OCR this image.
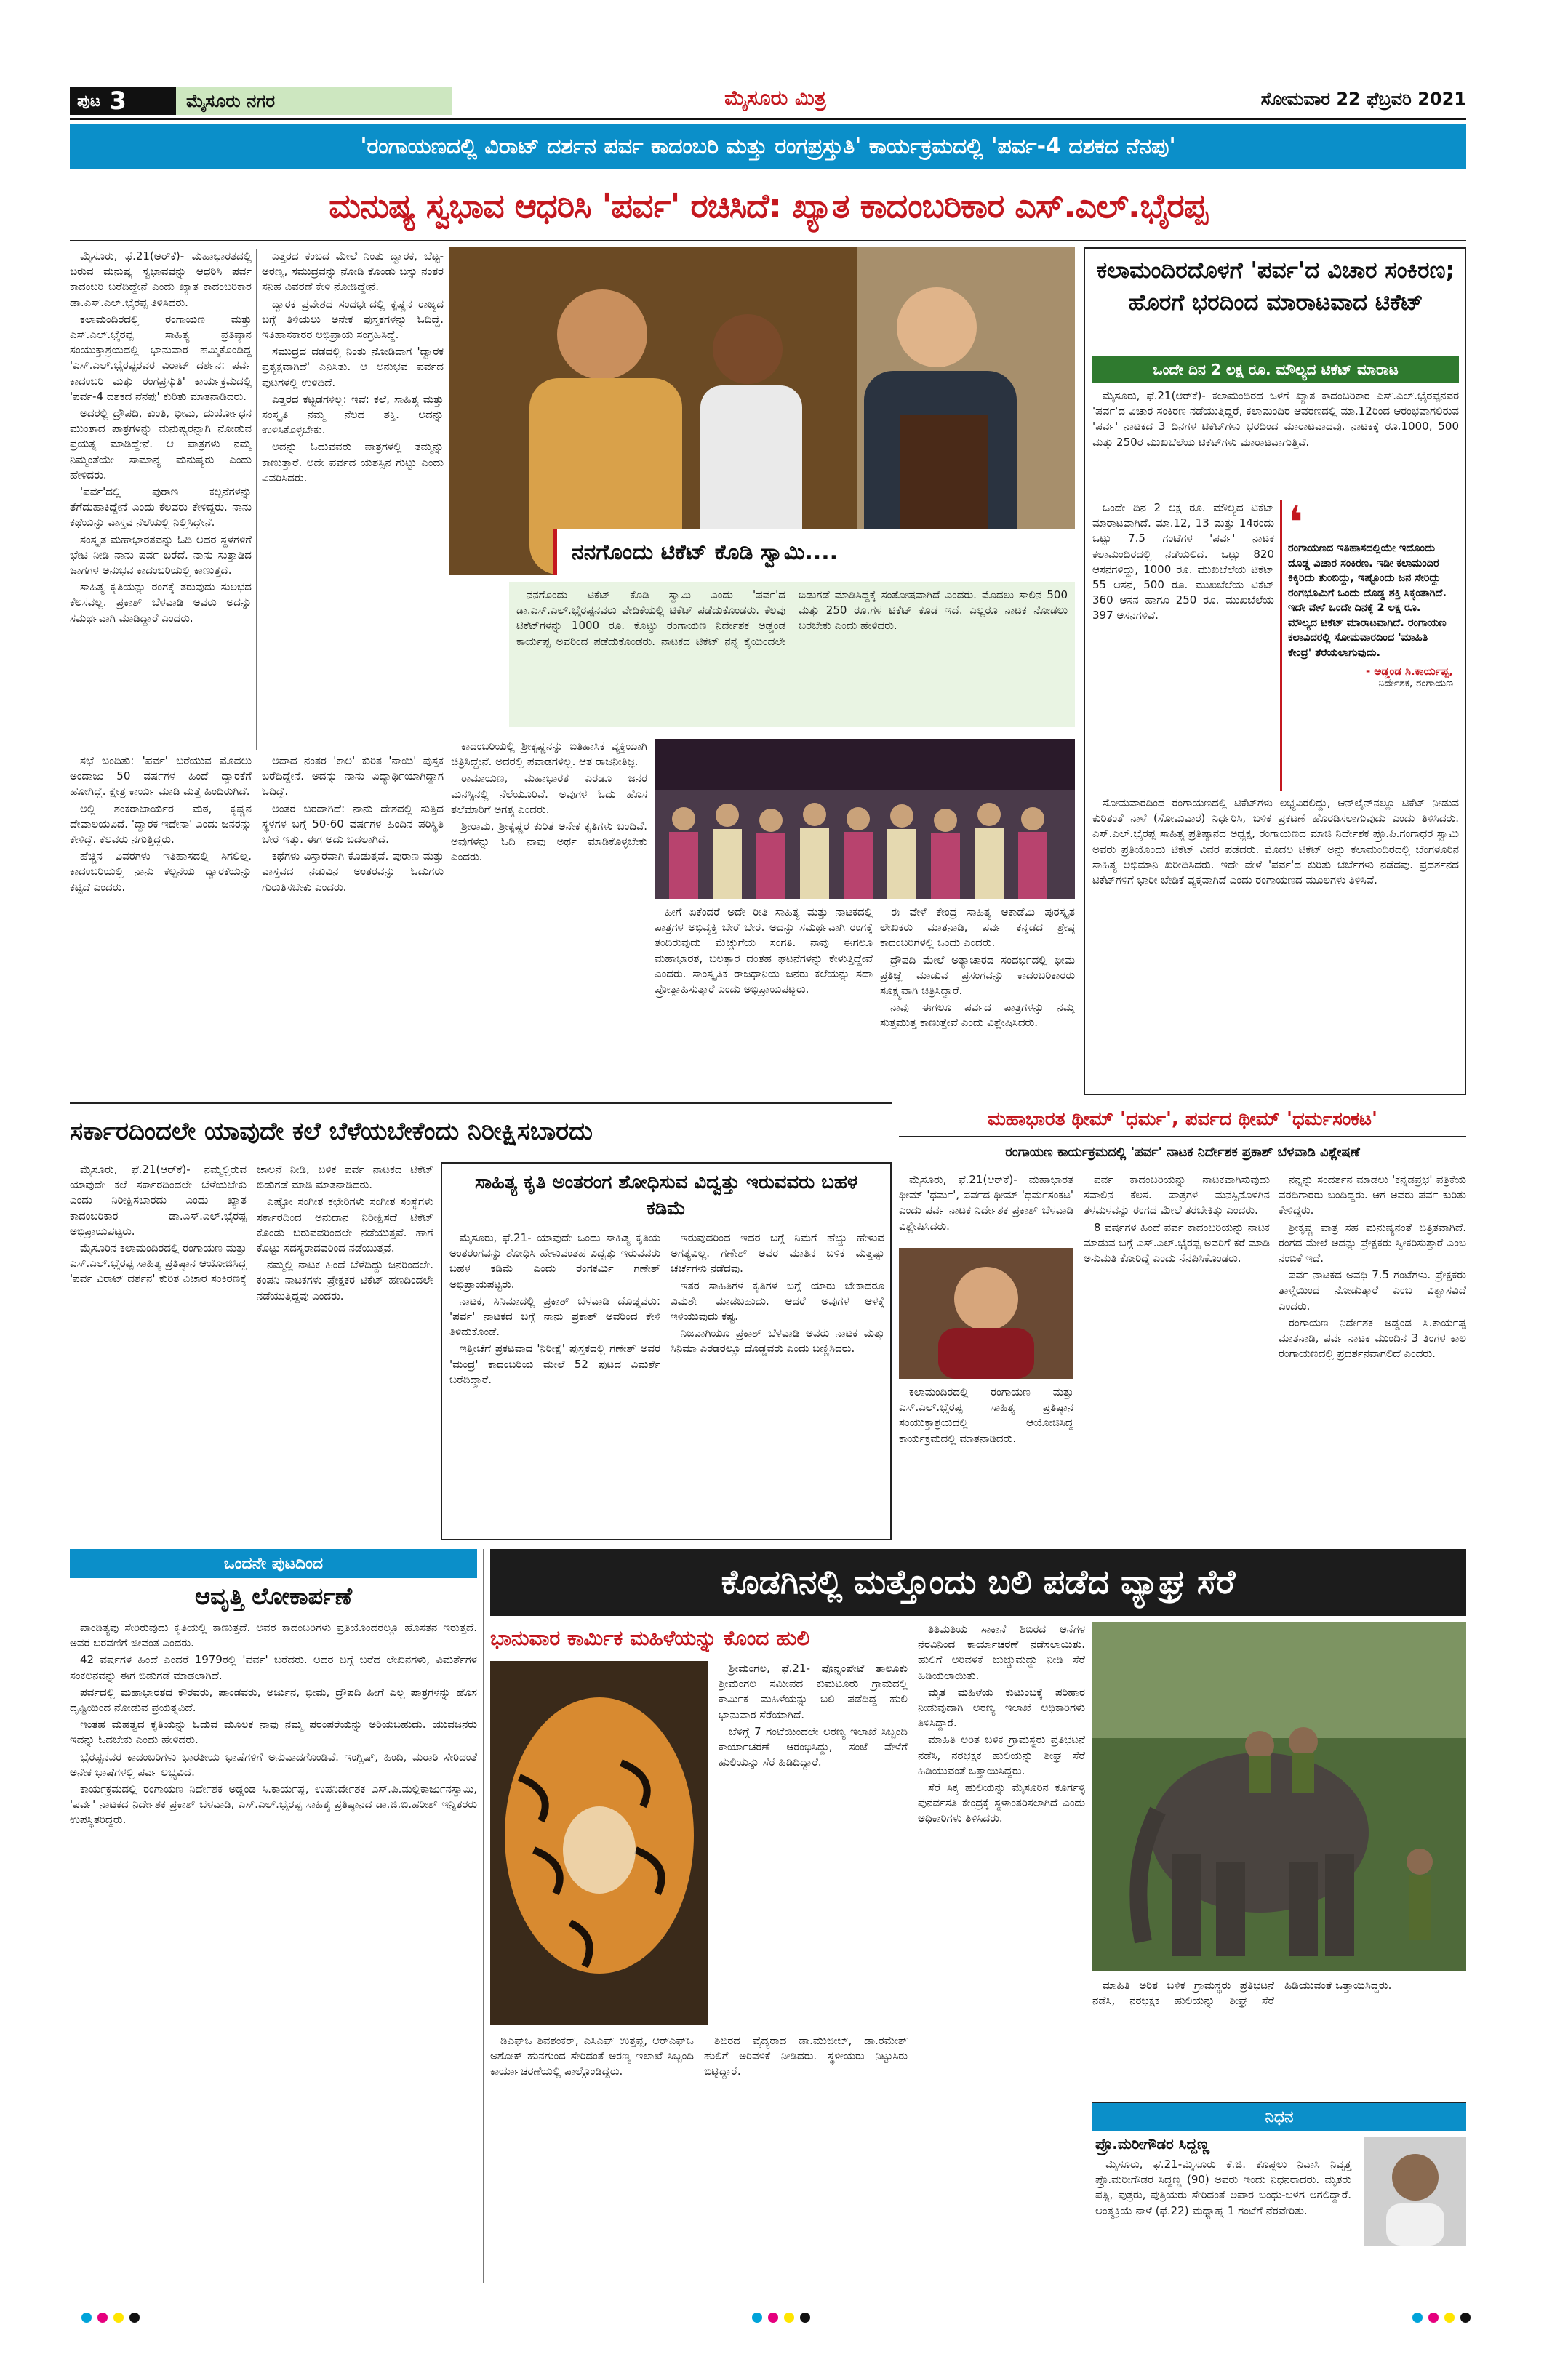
ಪುಟ 3	ಮೈಸೂರು ನಗರ	ಮೈಸೂರು ಮಿತ್ರ	ಸೋಮವಾರ 22 ಫೆಬ್ರವರಿ 2021
'ರಂಗಾಯಣದಲ್ಲಿ ವಿರಾಟ್ ದರ್ಶನ ಪರ್ವ ಕಾದಂಬರಿ ಮತ್ತು ರಂಗಪ್ರಸ್ತುತಿ' ಕಾರ್ಯಕ್ರಮದಲ್ಲಿ 'ಪರ್ವ-4 ದಶಕದ ನೆನಪು'
ಮನುಷ್ಯ ಸ್ವಭಾವ ಆಧರಿಸಿ 'ಪರ್ವ' ರಚಿಸಿದೆ: ಖ್ಯಾತ ಕಾದಂಬರಿಕಾರ ಎಸ್.ಎಲ್.ಭೈರಪ್ಪ

ಮೈಸೂರು, ಫೆ.21(ಆರ್‌ಕೆ)- ಮಹಾಭಾರತದಲ್ಲಿ ಬರುವ ಮನುಷ್ಯ ಸ್ವಭಾವವನ್ನು ಆಧರಿಸಿ ಪರ್ವ ಕಾದಂಬರಿ ಬರೆದಿದ್ದೇನೆ ಎಂದು ಖ್ಯಾತ ಕಾದಂಬರಿಕಾರ ಡಾ.ಎಸ್.ಎಲ್.ಭೈರಪ್ಪ ತಿಳಿಸಿದರು.

ಕಲಾಮಂದಿರದಲ್ಲಿ ರಂಗಾಯಣ ಮತ್ತು ಎಸ್.ಎಲ್.ಭೈರಪ್ಪ ಸಾಹಿತ್ಯ ಪ್ರತಿಷ್ಠಾನ ಸಂಯುಕ್ತಾಶ್ರಯದಲ್ಲಿ ಭಾನುವಾರ ಹಮ್ಮಿಕೊಂಡಿದ್ದ 'ಎಸ್.ಎಲ್.ಭೈರಪ್ಪರವರ ವಿರಾಟ್ ದರ್ಶನ: ಪರ್ವ ಕಾದಂಬರಿ ಮತ್ತು ರಂಗಪ್ರಸ್ತುತಿ' ಕಾರ್ಯಕ್ರಮದಲ್ಲಿ 'ಪರ್ವ-4 ದಶಕದ ನೆನಪು' ಕುರಿತು ಮಾತನಾಡಿದರು.

ಅದರಲ್ಲಿ ದ್ರೌಪದಿ, ಕುಂತಿ, ಭೀಮ, ದುರ್ಯೋಧನ ಮುಂತಾದ ಪಾತ್ರಗಳನ್ನು ಮನುಷ್ಯರನ್ನಾಗಿ ನೋಡುವ ಪ್ರಯತ್ನ ಮಾಡಿದ್ದೇನೆ. ಆ ಪಾತ್ರಗಳು ನಮ್ಮ ನಿಮ್ಮಂತೆಯೇ ಸಾಮಾನ್ಯ ಮನುಷ್ಯರು ಎಂದು ಹೇಳಿದರು.

'ಪರ್ವ'ದಲ್ಲಿ ಪುರಾಣ ಕಲ್ಪನೆಗಳನ್ನು ತೆಗೆದುಹಾಕಿದ್ದೇನೆ ಎಂದು ಕೆಲವರು ಕೇಳಿದ್ದರು. ನಾನು ಕಥೆಯನ್ನು ವಾಸ್ತವ ನೆಲೆಯಲ್ಲಿ ನಿಲ್ಲಿಸಿದ್ದೇನೆ.

ಸಂಸ್ಕೃತ ಮಹಾಭಾರತವನ್ನು ಓದಿ ಅದರ ಸ್ಥಳಗಳಿಗೆ ಭೇಟಿ ನೀಡಿ ನಾನು ಪರ್ವ ಬರೆದೆ. ನಾನು ಸುತ್ತಾಡಿದ ಜಾಗಗಳ ಅನುಭವ ಕಾದಂಬರಿಯಲ್ಲಿ ಕಾಣುತ್ತದೆ.

ಸಾಹಿತ್ಯ ಕೃತಿಯನ್ನು ರಂಗಕ್ಕೆ ತರುವುದು ಸುಲಭದ ಕೆಲಸವಲ್ಲ. ಪ್ರಕಾಶ್ ಬೆಳವಾಡಿ ಅವರು ಅದನ್ನು ಸಮರ್ಥವಾಗಿ ಮಾಡಿದ್ದಾರೆ ಎಂದರು.

ಎತ್ತರದ ಕಂಬದ ಮೇಲೆ ನಿಂತು ದ್ವಾರಕ, ಬೆಟ್ಟ-ಅರಣ್ಯ, ಸಮುದ್ರವನ್ನು ನೋಡಿ ಕೊಂಡು ಬಸ್ಸು ನಂತರ ಸನಿಹ ವಿವರಣೆ ಕೇಳಿ ನೋಡಿದ್ದೇನೆ.

ದ್ವಾರಕ ಪ್ರವೇಶದ ಸಂದರ್ಭದಲ್ಲಿ ಕೃಷ್ಣನ ರಾಜ್ಯದ ಬಗ್ಗೆ ತಿಳಿಯಲು ಅನೇಕ ಪುಸ್ತಕಗಳನ್ನು ಓದಿದ್ದೆ. ಇತಿಹಾಸಕಾರರ ಅಭಿಪ್ರಾಯ ಸಂಗ್ರಹಿಸಿದ್ದೆ.

ಸಮುದ್ರದ ದಡದಲ್ಲಿ ನಿಂತು ನೋಡಿದಾಗ 'ದ್ವಾರಕ ಪ್ರತ್ಯಕ್ಷವಾಗಿದೆ' ಎನಿಸಿತು. ಆ ಅನುಭವ ಪರ್ವದ ಪುಟಗಳಲ್ಲಿ ಉಳಿದಿದೆ.

ಎತ್ತರದ ಕಟ್ಟಡಗಳಿಲ್ಲ: ಇವೆ: ಕಲೆ, ಸಾಹಿತ್ಯ ಮತ್ತು ಸಂಸ್ಕೃತಿ ನಮ್ಮ ನೆಲದ ಶಕ್ತಿ. ಅದನ್ನು ಉಳಿಸಿಕೊಳ್ಳಬೇಕು.

ಅದನ್ನು ಓದುವವರು ಪಾತ್ರಗಳಲ್ಲಿ ತಮ್ಮನ್ನು ಕಾಣುತ್ತಾರೆ. ಅದೇ ಪರ್ವದ ಯಶಸ್ಸಿನ ಗುಟ್ಟು ಎಂದು ವಿವರಿಸಿದರು.

ನನಗೊಂದು ಟಿಕೆಟ್ ಕೊಡಿ ಸ್ವಾಮಿ....

ನನಗೊಂದು ಟಿಕೆಟ್ ಕೊಡಿ ಸ್ವಾಮಿ ಎಂದು 'ಪರ್ವ'ದ ಡಾ.ಎಸ್.ಎಲ್.ಭೈರಪ್ಪನವರು ವೇದಿಕೆಯಲ್ಲಿ ಟಿಕೆಟ್ ಪಡೆದುಕೊಂಡರು. ಕೆಲವು ಟಿಕೆಟ್‌ಗಳನ್ನು 1000 ರೂ. ಕೊಟ್ಟು ರಂಗಾಯಣ ನಿರ್ದೇಶಕ ಅಡ್ಡಂಡ ಕಾರ್ಯಪ್ಪ ಅವರಿಂದ ಪಡೆದುಕೊಂಡರು. ನಾಟಕದ ಟಿಕೆಟ್ ನನ್ನ ಕೈಯಿಂದಲೇ ಬಿಡುಗಡೆ ಮಾಡಿಸಿದ್ದಕ್ಕೆ ಸಂತೋಷವಾಗಿದೆ ಎಂದರು. ಮೊದಲು ಸಾಲಿನ 500 ಮತ್ತು 250 ರೂ.ಗಳ ಟಿಕೆಟ್ ಕೂಡ ಇದೆ. ಎಲ್ಲರೂ ನಾಟಕ ನೋಡಲು ಬರಬೇಕು ಎಂದು ಹೇಳಿದರು.

ಸಭೆ ಬಂದಿತು: 'ಪರ್ವ' ಬರೆಯುವ ಮೊದಲು ಅಂದಾಜು 50 ವರ್ಷಗಳ ಹಿಂದೆ ದ್ವಾರಕೆಗೆ ಹೋಗಿದ್ದೆ. ಕ್ಷೇತ್ರ ಕಾರ್ಯ ಮಾಡಿ ಮತ್ತೆ ಹಿಂದಿರುಗಿದೆ.

ಅಲ್ಲಿ ಶಂಕರಾಚಾರ್ಯರ ಮಠ, ಕೃಷ್ಣನ ದೇವಾಲಯವಿದೆ. 'ದ್ವಾರಕ ಇದೇನಾ' ಎಂದು ಜನರನ್ನು ಕೇಳಿದ್ದೆ. ಕೆಲವರು ನಗುತ್ತಿದ್ದರು.

ಹೆಚ್ಚಿನ ವಿವರಗಳು ಇತಿಹಾಸದಲ್ಲಿ ಸಿಗಲಿಲ್ಲ. ಕಾದಂಬರಿಯಲ್ಲಿ ನಾನು ಕಲ್ಪನೆಯ ದ್ವಾರಕೆಯನ್ನು ಕಟ್ಟಿದೆ ಎಂದರು.

ಅದಾದ ನಂತರ 'ಕಾಲ' ಕುರಿತ 'ನಾಯಿ' ಪುಸ್ತಕ ಬರೆದಿದ್ದೇನೆ. ಅದನ್ನು ನಾನು ವಿದ್ಯಾರ್ಥಿಯಾಗಿದ್ದಾಗ ಓದಿದ್ದೆ.

ಅಂತರ ಬರದಾಗಿದೆ: ನಾನು ದೇಶದಲ್ಲಿ ಸುತ್ತಿದ ಸ್ಥಳಗಳ ಬಗ್ಗೆ 50-60 ವರ್ಷಗಳ ಹಿಂದಿನ ಪರಿಸ್ಥಿತಿ ಬೇರೆ ಇತ್ತು. ಈಗ ಅದು ಬದಲಾಗಿದೆ.

ಕಥೆಗಳು ವಿಸ್ತಾರವಾಗಿ ಕೊಡುತ್ತವೆ. ಪುರಾಣ ಮತ್ತು ವಾಸ್ತವದ ನಡುವಿನ ಅಂತರವನ್ನು ಓದುಗರು ಗುರುತಿಸಬೇಕು ಎಂದರು.

ಕಾದಂಬರಿಯಲ್ಲಿ ಶ್ರೀಕೃಷ್ಣನನ್ನು ಐತಿಹಾಸಿಕ ವ್ಯಕ್ತಿಯಾಗಿ ಚಿತ್ರಿಸಿದ್ದೇನೆ. ಅದರಲ್ಲಿ ಪವಾಡಗಳಿಲ್ಲ. ಆತ ರಾಜನೀತಿಜ್ಞ.

ರಾಮಾಯಣ, ಮಹಾಭಾರತ ಎರಡೂ ಜನರ ಮನಸ್ಸಿನಲ್ಲಿ ನೆಲೆಯೂರಿವೆ. ಅವುಗಳ ಓದು ಹೊಸ ತಲೆಮಾರಿಗೆ ಅಗತ್ಯ ಎಂದರು.

ಶ್ರೀರಾಮ, ಶ್ರೀಕೃಷ್ಣರ ಕುರಿತ ಅನೇಕ ಕೃತಿಗಳು ಬಂದಿವೆ. ಅವುಗಳನ್ನು ಓದಿ ನಾವು ಅರ್ಥ ಮಾಡಿಕೊಳ್ಳಬೇಕು ಎಂದರು.

ಈ ವೇಳೆ ಕೇಂದ್ರ ಸಾಹಿತ್ಯ ಅಕಾಡೆಮಿ ಪುರಸ್ಕೃತ ಲೇಖಕರು ಮಾತನಾಡಿ, ಪರ್ವ ಕನ್ನಡದ ಶ್ರೇಷ್ಠ ಕಾದಂಬರಿಗಳಲ್ಲಿ ಒಂದು ಎಂದರು.

ದ್ರೌಪದಿ ಮೇಲೆ ಅತ್ಯಾಚಾರದ ಸಂದರ್ಭದಲ್ಲಿ ಭೀಮ ಪ್ರತಿಜ್ಞೆ ಮಾಡುವ ಪ್ರಸಂಗವನ್ನು ಕಾದಂಬರಿಕಾರರು ಸೂಕ್ಷ್ಮವಾಗಿ ಚಿತ್ರಿಸಿದ್ದಾರೆ.

ನಾವು ಈಗಲೂ ಪರ್ವದ ಪಾತ್ರಗಳನ್ನು ನಮ್ಮ ಸುತ್ತಮುತ್ತ ಕಾಣುತ್ತೇವೆ ಎಂದು ವಿಶ್ಲೇಷಿಸಿದರು.

ಹೀಗೆ ಏಕೆಂದರೆ ಅದೇ ರೀತಿ ಸಾಹಿತ್ಯ ಮತ್ತು ನಾಟಕದಲ್ಲಿ ಪಾತ್ರಗಳ ಅಭಿವ್ಯಕ್ತಿ ಬೇರೆ ಬೇರೆ. ಅದನ್ನು ಸಮರ್ಥವಾಗಿ ರಂಗಕ್ಕೆ ತಂದಿರುವುದು ಮೆಚ್ಚುಗೆಯ ಸಂಗತಿ. ನಾವು ಈಗಲೂ ಮಹಾಭಾರತ, ಬಲತ್ಕಾರ ದಂತಹ ಘಟನೆಗಳನ್ನು ಕೇಳುತ್ತಿದ್ದೇವೆ ಎಂದರು. ಸಾಂಸ್ಕೃತಿಕ ರಾಜಧಾನಿಯ ಜನರು ಕಲೆಯನ್ನು ಸದಾ ಪ್ರೋತ್ಸಾಹಿಸುತ್ತಾರೆ ಎಂದು ಅಭಿಪ್ರಾಯಪಟ್ಟರು.

ಕಲಾಮಂದಿರದೊಳಗೆ 'ಪರ್ವ'ದ ವಿಚಾರ ಸಂಕಿರಣ; ಹೊರಗೆ ಭರದಿಂದ ಮಾರಾಟವಾದ ಟಿಕೆಟ್
ಒಂದೇ ದಿನ 2 ಲಕ್ಷ ರೂ. ಮೌಲ್ಯದ ಟಿಕೆಟ್ ಮಾರಾಟ

ಮೈಸೂರು, ಫೆ.21(ಆರ್‌ಕೆ)- ಕಲಾಮಂದಿರದ ಒಳಗೆ ಖ್ಯಾತ ಕಾದಂಬರಿಕಾರ ಎಸ್.ಎಲ್.ಭೈರಪ್ಪನವರ 'ಪರ್ವ'ದ ವಿಚಾರ ಸಂಕಿರಣ ನಡೆಯುತ್ತಿದ್ದರೆ, ಕಲಾಮಂದಿರ ಆವರಣದಲ್ಲಿ ಮಾ.12ರಿಂದ ಆರಂಭವಾಗಲಿರುವ 'ಪರ್ವ' ನಾಟಕದ 3 ದಿನಗಳ ಟಿಕೆಟ್‌ಗಳು ಭರದಿಂದ ಮಾರಾಟವಾದವು. ನಾಟಕಕ್ಕೆ ರೂ.1000, 500 ಮತ್ತು 250ರ ಮುಖಬೆಲೆಯ ಟಿಕೆಟ್‌ಗಳು ಮಾರಾಟವಾಗುತ್ತಿವೆ.

ಒಂದೇ ದಿನ 2 ಲಕ್ಷ ರೂ. ಮೌಲ್ಯದ ಟಿಕೆಟ್ ಮಾರಾಟವಾಗಿದೆ. ಮಾ.12, 13 ಮತ್ತು 14ರಂದು ಒಟ್ಟು 7.5 ಗಂಟೆಗಳ 'ಪರ್ವ' ನಾಟಕ ಕಲಾಮಂದಿರದಲ್ಲಿ ನಡೆಯಲಿದೆ. ಒಟ್ಟು 820 ಆಸನಗಳಿದ್ದು, 1000 ರೂ. ಮುಖಬೆಲೆಯ ಟಿಕೆಟ್ 55 ಆಸನ, 500 ರೂ. ಮುಖಬೆಲೆಯ ಟಿಕೆಟ್ 360 ಆಸನ ಹಾಗೂ 250 ರೂ. ಮುಖಬೆಲೆಯ 397 ಆಸನಗಳಿವೆ.

❛
ರಂಗಾಯಣದ ಇತಿಹಾಸದಲ್ಲಿಯೇ ಇದೊಂದು ದೊಡ್ಡ ವಿಚಾರ ಸಂಕಿರಣ. ಇಡೀ ಕಲಾಮಂದಿರ ಕಿಕ್ಕಿರಿದು ತುಂಬಿದ್ದು, ಇಷ್ಟೊಂದು ಜನ ಸೇರಿದ್ದು ರಂಗಭೂಮಿಗೆ ಒಂದು ದೊಡ್ಡ ಶಕ್ತಿ ಸಿಕ್ಕಂತಾಗಿದೆ. ಇದೇ ವೇಳೆ ಒಂದೇ ದಿನಕ್ಕೆ 2 ಲಕ್ಷ ರೂ. ಮೌಲ್ಯದ ಟಿಕೆಟ್ ಮಾರಾಟವಾಗಿದೆ. ರಂಗಾಯಣ ಕಲಾವಿದರಲ್ಲಿ ಸೋಮವಾರದಿಂದ 'ಮಾಹಿತಿ ಕೇಂದ್ರ' ತೆರೆಯಲಾಗುವುದು.
- ಅಡ್ಡಂಡ ಸಿ.ಕಾರ್ಯಪ್ಪ,
ನಿರ್ದೇಶಕ, ರಂಗಾಯಣ

ಸೋಮವಾರದಿಂದ ರಂಗಾಯಣದಲ್ಲಿ ಟಿಕೆಟ್‌ಗಳು ಲಭ್ಯವಿರಲಿದ್ದು, ಆನ್‌ಲೈನ್‌ನಲ್ಲೂ ಟಿಕೆಟ್ ನೀಡುವ ಕುರಿತಂತೆ ನಾಳೆ (ಸೋಮವಾರ) ನಿರ್ಧರಿಸಿ, ಬಳಿಕ ಪ್ರಕಟಣೆ ಹೊರಡಿಸಲಾಗುವುದು ಎಂದು ತಿಳಿಸಿದರು. ಎಸ್.ಎಲ್.ಭೈರಪ್ಪ ಸಾಹಿತ್ಯ ಪ್ರತಿಷ್ಠಾನದ ಅಧ್ಯಕ್ಷ, ರಂಗಾಯಣದ ಮಾಜಿ ನಿರ್ದೇಶಕ ಪ್ರೊ.ಪಿ.ಗಂಗಾಧರ ಸ್ವಾಮಿ ಅವರು ಪ್ರತಿಯೊಂದು ಟಿಕೆಟ್ ವಿವರ ಪಡೆದರು. ಮೊದಲ ಟಿಕೆಟ್ ಅನ್ನು ಕಲಾಮಂದಿರದಲ್ಲಿ ಬೆಂಗಳೂರಿನ ಸಾಹಿತ್ಯ ಅಭಿಮಾನಿ ಖರೀದಿಸಿದರು. ಇದೇ ವೇಳೆ 'ಪರ್ವ'ದ ಕುರಿತು ಚರ್ಚೆಗಳು ನಡೆದವು. ಪ್ರದರ್ಶನದ ಟಿಕೆಟ್‌ಗಳಿಗೆ ಭಾರೀ ಬೇಡಿಕೆ ವ್ಯಕ್ತವಾಗಿದೆ ಎಂದು ರಂಗಾಯಣದ ಮೂಲಗಳು ತಿಳಿಸಿವೆ.

ಸರ್ಕಾರದಿಂದಲೇ ಯಾವುದೇ ಕಲೆ ಬೆಳೆಯಬೇಕೆಂದು ನಿರೀಕ್ಷಿಸಬಾರದು

ಮೈಸೂರು, ಫೆ.21(ಆರ್‌ಕೆ)- ನಮ್ಮಲ್ಲಿರುವ ಯಾವುದೇ ಕಲೆ ಸರ್ಕಾರದಿಂದಲೇ ಬೆಳೆಯಬೇಕು ಎಂದು ನಿರೀಕ್ಷಿಸಬಾರದು ಎಂದು ಖ್ಯಾತ ಕಾದಂಬರಿಕಾರ ಡಾ.ಎಸ್.ಎಲ್.ಭೈರಪ್ಪ ಅಭಿಪ್ರಾಯಪಟ್ಟರು.

ಮೈಸೂರಿನ ಕಲಾಮಂದಿರದಲ್ಲಿ ರಂಗಾಯಣ ಮತ್ತು ಎಸ್.ಎಲ್.ಭೈರಪ್ಪ ಸಾಹಿತ್ಯ ಪ್ರತಿಷ್ಠಾನ ಆಯೋಜಿಸಿದ್ದ 'ಪರ್ವ ವಿರಾಟ್ ದರ್ಶನ' ಕುರಿತ ವಿಚಾರ ಸಂಕಿರಣಕ್ಕೆ ಚಾಲನೆ ನೀಡಿ, ಬಳಿಕ ಪರ್ವ ನಾಟಕದ ಟಿಕೆಟ್ ಬಿಡುಗಡೆ ಮಾಡಿ ಮಾತನಾಡಿದರು.

ಎಷ್ಟೋ ಸಂಗೀತ ಕಛೇರಿಗಳು ಸಂಗೀತ ಸಂಸ್ಥೆಗಳು ಸರ್ಕಾರದಿಂದ ಅನುದಾನ ನಿರೀಕ್ಷಿಸದೆ ಟಿಕೆಟ್ ಕೊಂಡು ಬರುವವರಿಂದಲೇ ನಡೆಯುತ್ತವೆ. ಹಾಗೆ ಕೊಟ್ಟು ಸದಸ್ಯರಾದವರಿಂದ ನಡೆಯುತ್ತವೆ.

ನಮ್ಮಲ್ಲಿ ನಾಟಕ ಹಿಂದೆ ಬೆಳೆದಿದ್ದು ಜನರಿಂದಲೇ. ಕಂಪನಿ ನಾಟಕಗಳು ಪ್ರೇಕ್ಷಕರ ಟಿಕೆಟ್ ಹಣದಿಂದಲೇ ನಡೆಯುತ್ತಿದ್ದವು ಎಂದರು.

ಸಾಹಿತ್ಯ ಕೃತಿ ಅಂತರಂಗ ಶೋಧಿಸುವ ವಿದ್ವತ್ತು ಇರುವವರು ಬಹಳ ಕಡಿಮೆ

ಮೈಸೂರು, ಫೆ.21- ಯಾವುದೇ ಒಂದು ಸಾಹಿತ್ಯ ಕೃತಿಯ ಅಂತರಂಗವನ್ನು ಶೋಧಿಸಿ ಹೇಳುವಂತಹ ವಿದ್ವತ್ತು ಇರುವವರು ಬಹಳ ಕಡಿಮೆ ಎಂದು ರಂಗಕರ್ಮಿ ಗಣೇಶ್ ಅಭಿಪ್ರಾಯಪಟ್ಟರು.

ನಾಟಕ, ಸಿನಿಮಾದಲ್ಲಿ ಪ್ರಕಾಶ್ ಬೆಳವಾಡಿ ದೊಡ್ಡವರು: 'ಪರ್ವ' ನಾಟಕದ ಬಗ್ಗೆ ನಾನು ಪ್ರಕಾಶ್ ಅವರಿಂದ ಕೇಳಿ ತಿಳಿದುಕೊಂಡೆ.

ಇತ್ತೀಚೆಗೆ ಪ್ರಕಟವಾದ 'ನಿರೀಕ್ಷೆ' ಪುಸ್ತಕದಲ್ಲಿ ಗಣೇಶ್ ಅವರ 'ಮಂದ್ರ' ಕಾದಂಬರಿಯ ಮೇಲೆ 52 ಪುಟದ ವಿಮರ್ಶೆ ಬರೆದಿದ್ದಾರೆ.

ಇರುವುದರಿಂದ ಇದರ ಬಗ್ಗೆ ನಿಮಗೆ ಹೆಚ್ಚು ಹೇಳುವ ಅಗತ್ಯವಿಲ್ಲ. ಗಣೇಶ್ ಅವರ ಮಾತಿನ ಬಳಿಕ ಮತ್ತಷ್ಟು ಚರ್ಚೆಗಳು ನಡೆದವು.

ಇತರ ಸಾಹಿತಿಗಳ ಕೃತಿಗಳ ಬಗ್ಗೆ ಯಾರು ಬೇಕಾದರೂ ವಿಮರ್ಶೆ ಮಾಡಬಹುದು. ಆದರೆ ಅವುಗಳ ಆಳಕ್ಕೆ ಇಳಿಯುವುದು ಕಷ್ಟ.

ನಿಜವಾಗಿಯೂ ಪ್ರಕಾಶ್ ಬೆಳವಾಡಿ ಅವರು ನಾಟಕ ಮತ್ತು ಸಿನಿಮಾ ಎರಡರಲ್ಲೂ ದೊಡ್ಡವರು ಎಂದು ಬಣ್ಣಿಸಿದರು.

ಮಹಾಭಾರತ ಥೀಮ್ 'ಧರ್ಮ', ಪರ್ವದ ಥೀಮ್ 'ಧರ್ಮಸಂಕಟ'
ರಂಗಾಯಣ ಕಾರ್ಯಕ್ರಮದಲ್ಲಿ 'ಪರ್ವ' ನಾಟಕ ನಿರ್ದೇಶಕ ಪ್ರಕಾಶ್ ಬೆಳವಾಡಿ ವಿಶ್ಲೇಷಣೆ

ಮೈಸೂರು, ಫೆ.21(ಆರ್‌ಕೆ)- ಮಹಾಭಾರತ ಥೀಮ್ 'ಧರ್ಮ', ಪರ್ವದ ಥೀಮ್ 'ಧರ್ಮಸಂಕಟ' ಎಂದು ಪರ್ವ ನಾಟಕ ನಿರ್ದೇಶಕ ಪ್ರಕಾಶ್ ಬೆಳವಾಡಿ ವಿಶ್ಲೇಷಿಸಿದರು.

ಕಲಾಮಂದಿರದಲ್ಲಿ ರಂಗಾಯಣ ಮತ್ತು ಎಸ್.ಎಲ್.ಭೈರಪ್ಪ ಸಾಹಿತ್ಯ ಪ್ರತಿಷ್ಠಾನ ಸಂಯುಕ್ತಾಶ್ರಯದಲ್ಲಿ ಆಯೋಜಿಸಿದ್ದ ಕಾರ್ಯಕ್ರಮದಲ್ಲಿ ಮಾತನಾಡಿದರು.

ಪರ್ವ ಕಾದಂಬರಿಯನ್ನು ನಾಟಕವಾಗಿಸುವುದು ಸವಾಲಿನ ಕೆಲಸ. ಪಾತ್ರಗಳ ಮನಸ್ಸಿನೊಳಗಿನ ತಳಮಳವನ್ನು ರಂಗದ ಮೇಲೆ ತರಬೇಕಿತ್ತು ಎಂದರು.

8 ವರ್ಷಗಳ ಹಿಂದೆ ಪರ್ವ ಕಾದಂಬರಿಯನ್ನು ನಾಟಕ ಮಾಡುವ ಬಗ್ಗೆ ಎಸ್.ಎಲ್.ಭೈರಪ್ಪ ಅವರಿಗೆ ಕರೆ ಮಾಡಿ ಅನುಮತಿ ಕೋರಿದ್ದೆ ಎಂದು ನೆನಪಿಸಿಕೊಂಡರು.

ನನ್ನನ್ನು ಸಂದರ್ಶನ ಮಾಡಲು 'ಕನ್ನಡಪ್ರಭ' ಪತ್ರಿಕೆಯ ವರದಿಗಾರರು ಬಂದಿದ್ದರು. ಆಗ ಅವರು ಪರ್ವ ಕುರಿತು ಕೇಳಿದ್ದರು.

ಶ್ರೀಕೃಷ್ಣ ಪಾತ್ರ ಸಹ ಮನುಷ್ಯನಂತೆ ಚಿತ್ರಿತವಾಗಿದೆ. ರಂಗದ ಮೇಲೆ ಅದನ್ನು ಪ್ರೇಕ್ಷಕರು ಸ್ವೀಕರಿಸುತ್ತಾರೆ ಎಂಬ ನಂಬಿಕೆ ಇದೆ.

ಪರ್ವ ನಾಟಕದ ಅವಧಿ 7.5 ಗಂಟೆಗಳು. ಪ್ರೇಕ್ಷಕರು ತಾಳ್ಮೆಯಿಂದ ನೋಡುತ್ತಾರೆ ಎಂಬ ವಿಶ್ವಾಸವಿದೆ ಎಂದರು.

ರಂಗಾಯಣ ನಿರ್ದೇಶಕ ಅಡ್ಡಂಡ ಸಿ.ಕಾರ್ಯಪ್ಪ ಮಾತನಾಡಿ, ಪರ್ವ ನಾಟಕ ಮುಂದಿನ 3 ತಿಂಗಳ ಕಾಲ ರಂಗಾಯಣದಲ್ಲಿ ಪ್ರದರ್ಶನವಾಗಲಿದೆ ಎಂದರು.

ಒಂದನೇ ಪುಟದಿಂದ
ಆವೃತ್ತಿ ಲೋಕಾರ್ಪಣೆ

ಪಾಂಡಿತ್ಯವು ಸೇರಿರುವುದು ಕೃತಿಯಲ್ಲಿ ಕಾಣುತ್ತದೆ. ಅವರ ಕಾದಂಬರಿಗಳು ಪ್ರತಿಯೊಂದರಲ್ಲೂ ಹೊಸತನ ಇರುತ್ತದೆ. ಅವರ ಬರವಣಿಗೆ ಜೀವಂತ ಎಂದರು.

42 ವರ್ಷಗಳ ಹಿಂದೆ ಎಂದರೆ 1979ರಲ್ಲಿ 'ಪರ್ವ' ಬರೆದರು. ಅದರ ಬಗ್ಗೆ ಬರೆದ ಲೇಖನಗಳು, ವಿಮರ್ಶೆಗಳ ಸಂಕಲನವನ್ನು ಈಗ ಬಿಡುಗಡೆ ಮಾಡಲಾಗಿದೆ.

ಪರ್ವದಲ್ಲಿ ಮಹಾಭಾರತದ ಕೌರವರು, ಪಾಂಡವರು, ಅರ್ಜುನ, ಭೀಮ, ದ್ರೌಪದಿ ಹೀಗೆ ಎಲ್ಲ ಪಾತ್ರಗಳನ್ನು ಹೊಸ ದೃಷ್ಟಿಯಿಂದ ನೋಡುವ ಪ್ರಯತ್ನವಿದೆ.

ಇಂತಹ ಮಹತ್ವದ ಕೃತಿಯನ್ನು ಓದುವ ಮೂಲಕ ನಾವು ನಮ್ಮ ಪರಂಪರೆಯನ್ನು ಅರಿಯಬಹುದು. ಯುವಜನರು ಇದನ್ನು ಓದಬೇಕು ಎಂದು ಹೇಳಿದರು.

ಭೈರಪ್ಪನವರ ಕಾದಂಬರಿಗಳು ಭಾರತೀಯ ಭಾಷೆಗಳಿಗೆ ಅನುವಾದಗೊಂಡಿವೆ. ಇಂಗ್ಲಿಷ್, ಹಿಂದಿ, ಮರಾಠಿ ಸೇರಿದಂತೆ ಅನೇಕ ಭಾಷೆಗಳಲ್ಲಿ ಪರ್ವ ಲಭ್ಯವಿದೆ.

ಕಾರ್ಯಕ್ರಮದಲ್ಲಿ ರಂಗಾಯಣ ನಿರ್ದೇಶಕ ಅಡ್ಡಂಡ ಸಿ.ಕಾರ್ಯಪ್ಪ, ಉಪನಿರ್ದೇಶಕ ಎಸ್.ಪಿ.ಮಲ್ಲಿಕಾರ್ಜುನಸ್ವಾಮಿ, 'ಪರ್ವ' ನಾಟಕದ ನಿರ್ದೇಶಕ ಪ್ರಕಾಶ್ ಬೆಳವಾಡಿ, ಎಸ್.ಎಲ್.ಭೈರಪ್ಪ ಸಾಹಿತ್ಯ ಪ್ರತಿಷ್ಠಾನದ ಡಾ.ಜಿ.ಬಿ.ಹರೀಶ್ ಇನ್ನಿತರರು ಉಪಸ್ಥಿತರಿದ್ದರು.

ಕೊಡಗಿನಲ್ಲಿ ಮತ್ತೊಂದು ಬಲಿ ಪಡೆದ ವ್ಯಾಘ್ರ ಸೆರೆ
ಭಾನುವಾರ ಕಾರ್ಮಿಕ ಮಹಿಳೆಯನ್ನು ಕೊಂದ ಹುಲಿ

ಶ್ರೀಮಂಗಲ, ಫೆ.21- ಪೊನ್ನಂಪೇಟೆ ತಾಲೂಕು ಶ್ರೀಮಂಗಲ ಸಮೀಪದ ಕುಮಟೂರು ಗ್ರಾಮದಲ್ಲಿ ಕಾರ್ಮಿಕ ಮಹಿಳೆಯನ್ನು ಬಲಿ ಪಡೆದಿದ್ದ ಹುಲಿ ಭಾನುವಾರ ಸೆರೆಯಾಗಿದೆ.

ಬೆಳಿಗ್ಗೆ 7 ಗಂಟೆಯಿಂದಲೇ ಅರಣ್ಯ ಇಲಾಖೆ ಸಿಬ್ಬಂದಿ ಕಾರ್ಯಾಚರಣೆ ಆರಂಭಿಸಿದ್ದು, ಸಂಜೆ ವೇಳೆಗೆ ಹುಲಿಯನ್ನು ಸೆರೆ ಹಿಡಿದಿದ್ದಾರೆ.

ತಿತಿಮತಿಯ ಸಾಕಾನೆ ಶಿಬಿರದ ಆನೆಗಳ ನೆರವಿನಿಂದ ಕಾರ್ಯಾಚರಣೆ ನಡೆಸಲಾಯಿತು. ಹುಲಿಗೆ ಅರಿವಳಿಕೆ ಚುಚ್ಚುಮದ್ದು ನೀಡಿ ಸೆರೆ ಹಿಡಿಯಲಾಯಿತು.

ಮೃತ ಮಹಿಳೆಯ ಕುಟುಂಬಕ್ಕೆ ಪರಿಹಾರ ನೀಡುವುದಾಗಿ ಅರಣ್ಯ ಇಲಾಖೆ ಅಧಿಕಾರಿಗಳು ತಿಳಿಸಿದ್ದಾರೆ.

ಮಾಹಿತಿ ಅರಿತ ಬಳಿಕ ಗ್ರಾಮಸ್ಥರು ಪ್ರತಿಭಟನೆ ನಡೆಸಿ, ನರಭಕ್ಷಕ ಹುಲಿಯನ್ನು ಶೀಘ್ರ ಸೆರೆ ಹಿಡಿಯುವಂತೆ ಒತ್ತಾಯಿಸಿದ್ದರು.

ಸೆರೆ ಸಿಕ್ಕ ಹುಲಿಯನ್ನು ಮೈಸೂರಿನ ಕೂರ್ಗಳ್ಳಿ ಪುನರ್ವಸತಿ ಕೇಂದ್ರಕ್ಕೆ ಸ್ಥಳಾಂತರಿಸಲಾಗಿದೆ ಎಂದು ಅಧಿಕಾರಿಗಳು ತಿಳಿಸಿದರು.

ಡಿಎಫ್‌ಒ ಶಿವಶಂಕರ್, ಎಸಿಎಫ್ ಉತ್ತಪ್ಪ, ಆರ್‌ಎಫ್‌ಒ ಅಶೋಕ್ ಹುನಗುಂದ ಸೇರಿದಂತೆ ಅರಣ್ಯ ಇಲಾಖೆ ಸಿಬ್ಬಂದಿ ಕಾರ್ಯಾಚರಣೆಯಲ್ಲಿ ಪಾಲ್ಗೊಂಡಿದ್ದರು.

ಶಿಬಿರದ ವೈದ್ಯರಾದ ಡಾ.ಮುಜೀಬ್, ಡಾ.ರಮೇಶ್ ಹುಲಿಗೆ ಅರಿವಳಿಕೆ ನೀಡಿದರು. ಸ್ಥಳೀಯರು ನಿಟ್ಟುಸಿರು ಬಿಟ್ಟಿದ್ದಾರೆ.

ಮಾಹಿತಿ ಅರಿತ ಬಳಿಕ ಗ್ರಾಮಸ್ಥರು ಪ್ರತಿಭಟನೆ ನಡೆಸಿ, ನರಭಕ್ಷಕ ಹುಲಿಯನ್ನು ಶೀಘ್ರ ಸೆರೆ ಹಿಡಿಯುವಂತೆ ಒತ್ತಾಯಿಸಿದ್ದರು.

ನಿಧನ
ಪ್ರೊ.ಮರೀಗೌಡರ ಸಿದ್ದಣ್ಣ

ಮೈಸೂರು, ಫೆ.21-ಮೈಸೂರು ಕೆ.ಜಿ. ಕೊಪ್ಪಲು ನಿವಾಸಿ ನಿವೃತ್ತ ಪ್ರೊ.ಮರೀಗೌಡರ ಸಿದ್ದಣ್ಣ (90) ಅವರು ಇಂದು ನಿಧನರಾದರು. ಮೃತರು ಪತ್ನಿ, ಪುತ್ರರು, ಪುತ್ರಿಯರು ಸೇರಿದಂತೆ ಅಪಾರ ಬಂಧು-ಬಳಗ ಅಗಲಿದ್ದಾರೆ. ಅಂತ್ಯಕ್ರಿಯೆ ನಾಳೆ (ಫೆ.22) ಮಧ್ಯಾಹ್ನ 1 ಗಂಟೆಗೆ ನೆರವೇರಿತು.
